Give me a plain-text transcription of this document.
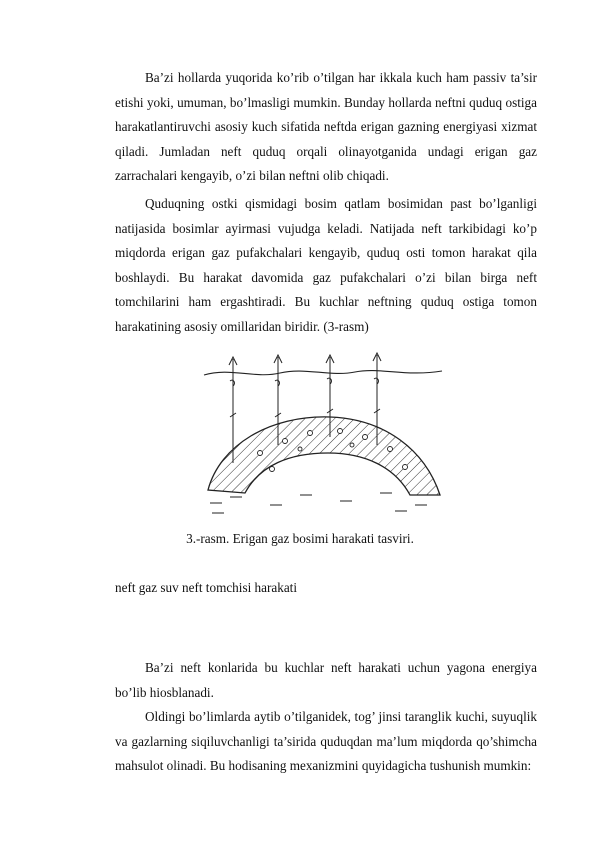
Ba’zi hollarda yuqorida ko’rib o’tilgan har ikkala kuch ham passiv ta’sir etishi yoki, umuman, bo’lmasligi mumkin. Bunday hollarda neftni quduq ostiga harakatlantiruvchi asosiy kuch sifatida neftda erigan gazning energiyasi xizmat qiladi. Jumladan neft quduq orqali olinayotganida undagi erigan gaz zarrachalari kengayib, o’zi bilan neftni olib chiqadi.
Quduqning ostki qismidagi bosim qatlam bosimidan past bo’lganligi natijasida bosimlar ayirmasi vujudga keladi. Natijada neft tarkibidagi ko’p miqdorda erigan gaz pufakchalari kengayib, quduq osti tomon harakat qila boshlaydi. Bu harakat davomida gaz pufakchalari o’zi bilan birga neft tomchilarini ham ergashtiradi. Bu kuchlar neftning quduq ostiga tomon harakatining asosiy omillaridan biridir. (3-rasm)
3.-rasm. Erigan gaz bosimi harakati tasviri.
neft gaz suv neft tomchisi harakati
Ba’zi neft konlarida bu kuchlar neft harakati uchun yagona energiya bo’lib hiosblanadi.
Oldingi bo’limlarda aytib o’tilganidek, tog’ jinsi taranglik kuchi, suyuqlik va gazlarning siqiluvchanligi ta’sirida quduqdan ma’lum miqdorda qo’shimcha mahsulot olinadi. Bu hodisaning mexanizmini quyidagicha tushunish mumkin:
